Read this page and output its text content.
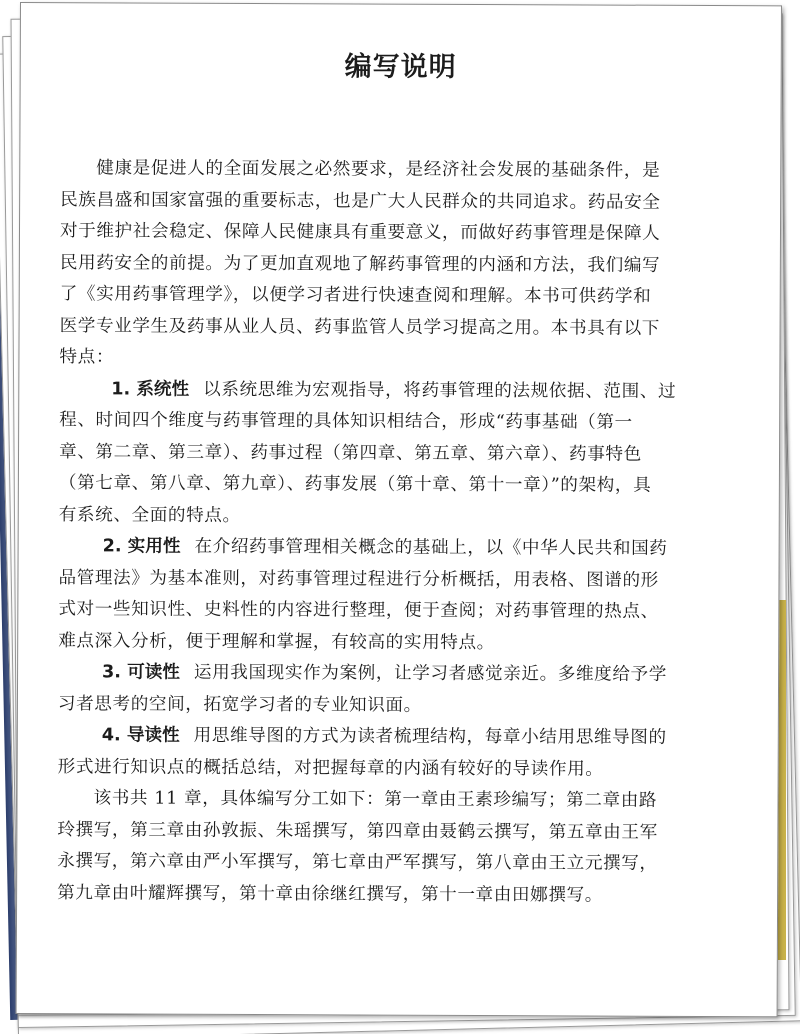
编写说明
健康是促进人的全面发展之必然要求，是经济社会发展的基础条件，是
民族昌盛和国家富强的重要标志，也是广大人民群众的共同追求。药品安全
对于维护社会稳定、保障人民健康具有重要意义，而做好药事管理是保障人
民用药安全的前提。为了更加直观地了解药事管理的内涵和方法，我们编写
了《实用药事管理学》，以便学习者进行快速查阅和理解。本书可供药学和
医学专业学生及药事从业人员、药事监管人员学习提高之用。本书具有以下
特点：
1. 系统性 以系统思维为宏观指导，将药事管理的法规依据、范围、过
程、时间四个维度与药事管理的具体知识相结合，形成“药事基础（第一
章、第二章、第三章）、药事过程（第四章、第五章、第六章）、药事特色
（第七章、第八章、第九章）、药事发展（第十章、第十一章）”的架构，具
有系统、全面的特点。
2. 实用性 在介绍药事管理相关概念的基础上，以《中华人民共和国药
品管理法》为基本准则，对药事管理过程进行分析概括，用表格、图谱的形
式对一些知识性、史料性的内容进行整理，便于查阅；对药事管理的热点、
难点深入分析，便于理解和掌握，有较高的实用特点。
3. 可读性 运用我国现实作为案例，让学习者感觉亲近。多维度给予学
习者思考的空间，拓宽学习者的专业知识面。
4. 导读性 用思维导图的方式为读者梳理结构，每章小结用思维导图的
形式进行知识点的概括总结，对把握每章的内涵有较好的导读作用。
该书共 11 章，具体编写分工如下：第一章由王素珍编写；第二章由路
玲撰写，第三章由孙敦振、朱瑶撰写，第四章由聂鹤云撰写，第五章由王军
永撰写，第六章由严小军撰写，第七章由严军撰写，第八章由王立元撰写，
第九章由叶耀辉撰写，第十章由徐继红撰写，第十一章由田娜撰写。
